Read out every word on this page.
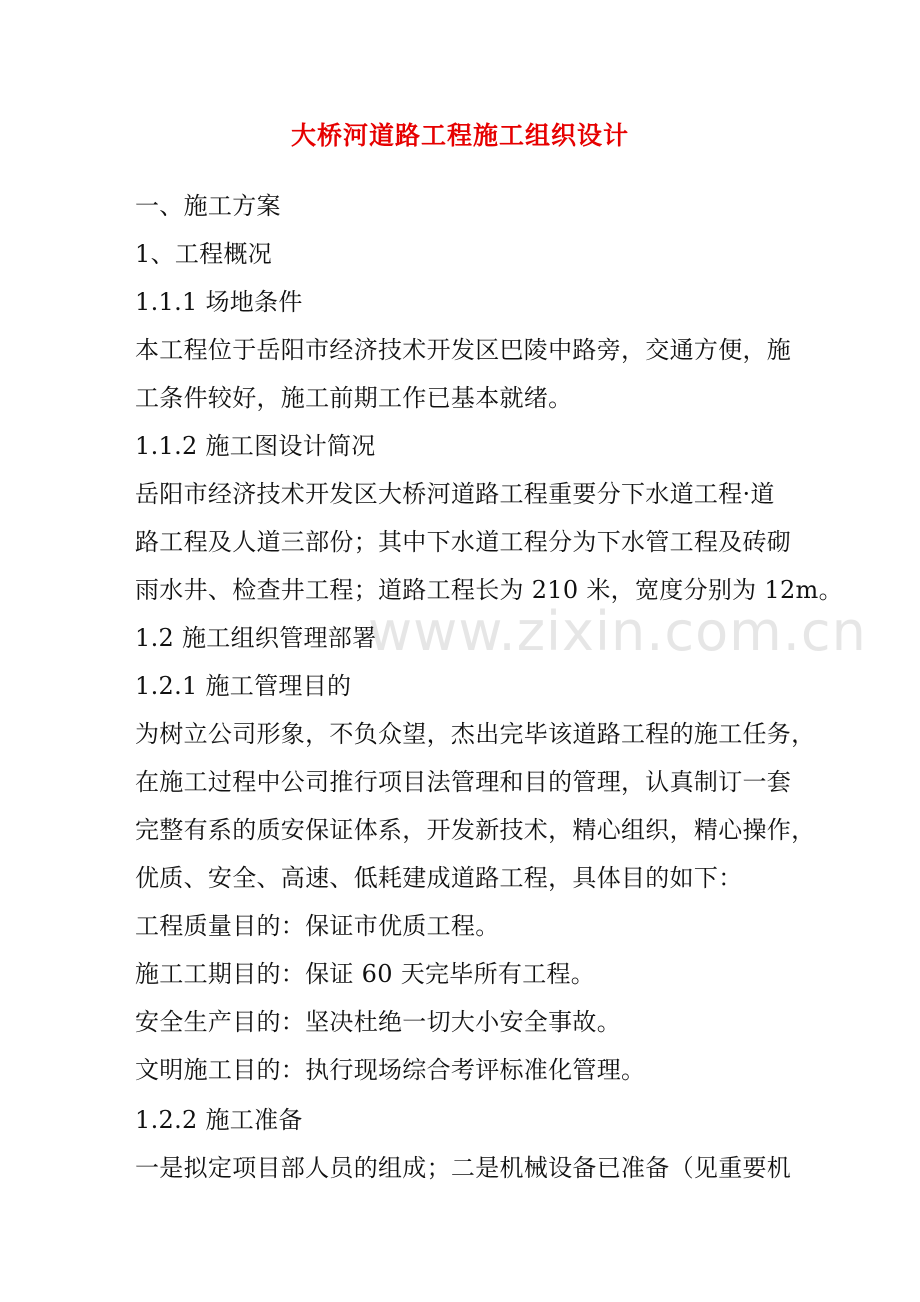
大桥河道路工程施工组织设计
www.zixin.com.cn
一、施工方案
1、工程概况
1.1.1 场地条件
本工程位于岳阳市经济技术开发区巴陵中路旁，交通方便，施
工条件较好，施工前期工作已基本就绪。
1.1.2 施工图设计简况
岳阳市经济技术开发区大桥河道路工程重要分下水道工程·道
路工程及人道三部份；其中下水道工程分为下水管工程及砖砌
雨水井、检查井工程；道路工程长为 210 米，宽度分别为 12m。
1.2 施工组织管理部署
1.2.1 施工管理目的
为树立公司形象，不负众望，杰出完毕该道路工程的施工任务，
在施工过程中公司推行项目法管理和目的管理，认真制订一套
完整有系的质安保证体系，开发新技术，精心组织，精心操作，
优质、安全、高速、低耗建成道路工程，具体目的如下：
工程质量目的：保证市优质工程。
施工工期目的：保证 60 天完毕所有工程。
安全生产目的：坚决杜绝一切大小安全事故。
文明施工目的：执行现场综合考评标准化管理。
1.2.2 施工准备
一是拟定项目部人员的组成；二是机械设备已准备（见重要机
